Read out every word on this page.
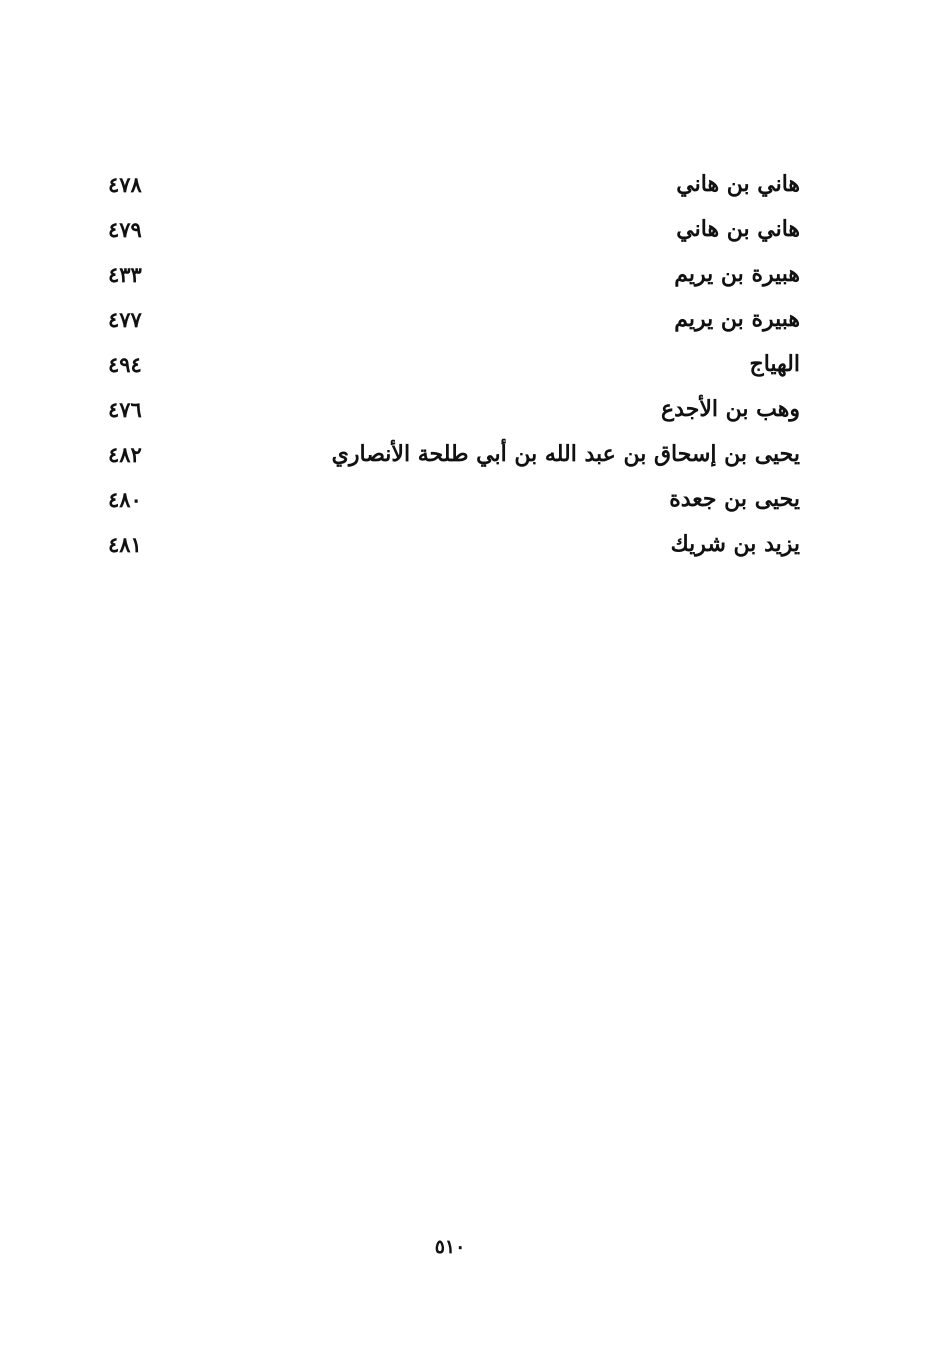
هاني بن هاني
٤٧٨
هاني بن هاني
٤٧٩
هبيرة بن يريم
٤٣٣
هبيرة بن يريم
٤٧٧
الهياج
٤٩٤
وهب بن الأجدع
٤٧٦
يحيى بن إسحاق بن عبد الله بن أبي طلحة الأنصاري
٤٨٢
يحيى بن جعدة
٤٨٠
يزيد بن شريك
٤٨١
٥١٠
